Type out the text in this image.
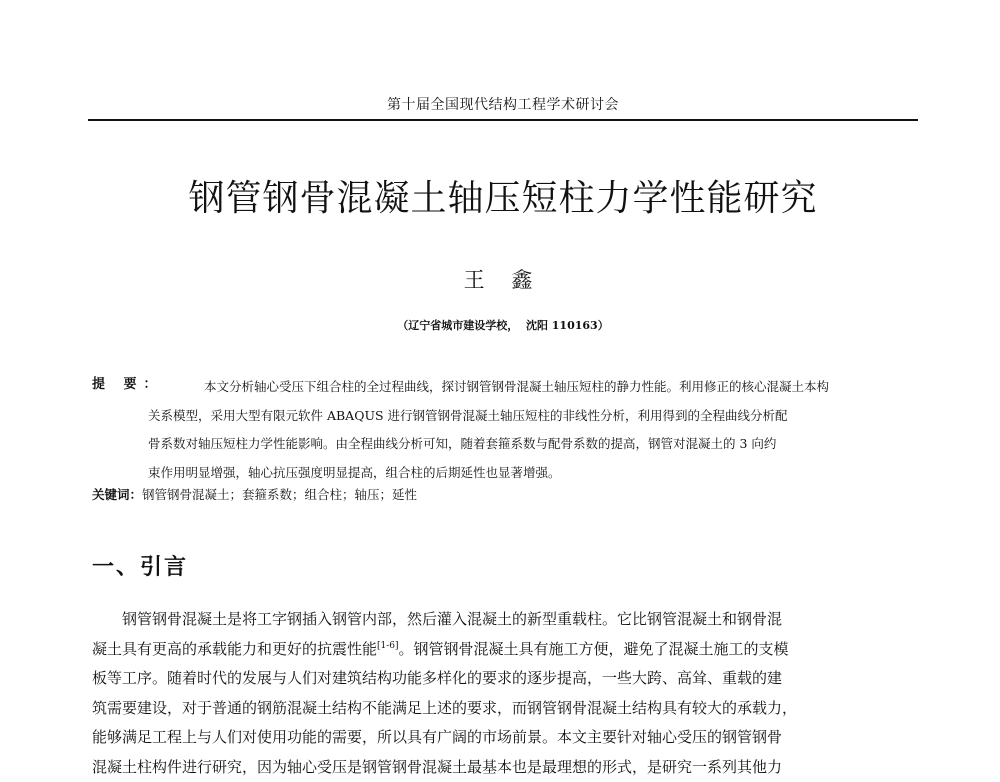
第十届全国现代结构工程学术研讨会
钢管钢骨混凝土轴压短柱力学性能研究
王 鑫
（辽宁省城市建设学校，  沈阳 110163）
提 要：	本文分析轴心受压下组合柱的全过程曲线，探讨钢管钢骨混凝土轴压短柱的静力性能。利用修正的核心混凝土本构
关系模型，采用大型有限元软件 ABAQUS 进行钢管钢骨混凝土轴压短柱的非线性分析，利用得到的全程曲线分析配
骨系数对轴压短柱力学性能影响。由全程曲线分析可知，随着套箍系数与配骨系数的提高，钢管对混凝土的 3 向约
束作用明显增强，轴心抗压强度明显提高，组合柱的后期延性也显著增强。
关键词：钢管钢骨混凝土；套箍系数；组合柱；轴压；延性
一、引言
钢管钢骨混凝土是将工字钢插入钢管内部，然后灌入混凝土的新型重载柱。它比钢管混凝土和钢骨混
凝土具有更高的承载能力和更好的抗震性能[1-6]。钢管钢骨混凝土具有施工方便，避免了混凝土施工的支模
板等工序。随着时代的发展与人们对建筑结构功能多样化的要求的逐步提高，一些大跨、高耸、重载的建
筑需要建设，对于普通的钢筋混凝土结构不能满足上述的要求，而钢管钢骨混凝土结构具有较大的承载力，
能够满足工程上与人们对使用功能的需要，所以具有广阔的市场前景。本文主要针对轴心受压的钢管钢骨
混凝土柱构件进行研究，因为轴心受压是钢管钢骨混凝土最基本也是最理想的形式，是研究一系列其他力
